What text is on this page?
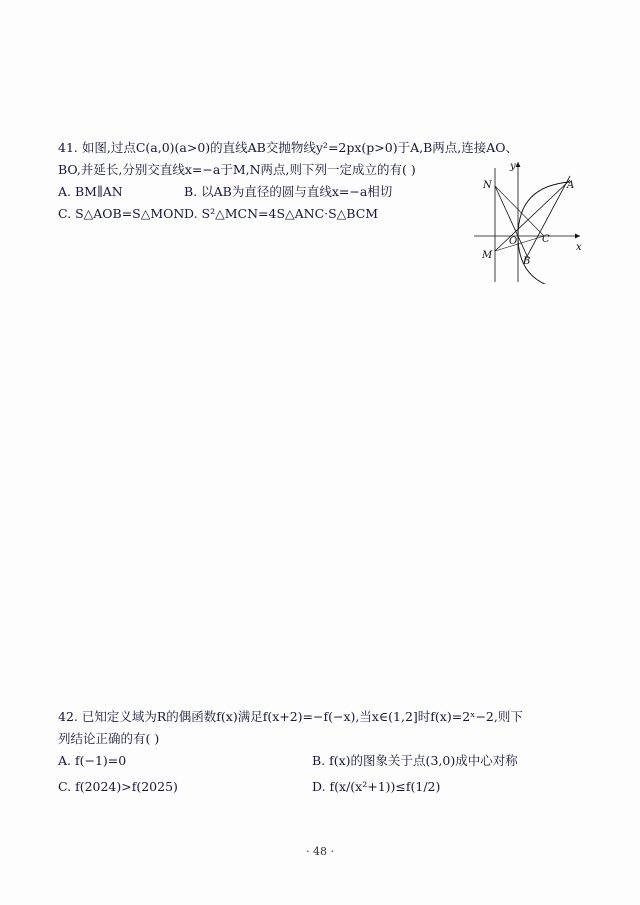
41. 如图,过点C(a,0)(a>0)的直线AB交抛物线y²=2px(p>0)于A,B两点,连接AO、
BO,并延长,分别交直线x=−a于M,N两点,则下列一定成立的有( )
A. BM∥AN	B. 以AB为直径的圆与直线x=−a相切
C. S△AOB=S△MON D. S²△MCN=4S△ANC·S△BCM
y
x
N	A
O C
M
B
42. 已知定义域为R的偶函数f(x)满足f(x+2)=−f(−x),当x∈(1,2]时f(x)=2ˣ−2,则下
列结论正确的有( )
A. f(−1)=0	B. f(x)的图象关于点(3,0)成中心对称
C. f(2024)>f(2025)	D. f(x/(x²+1))≤f(1/2)
· 48 ·
